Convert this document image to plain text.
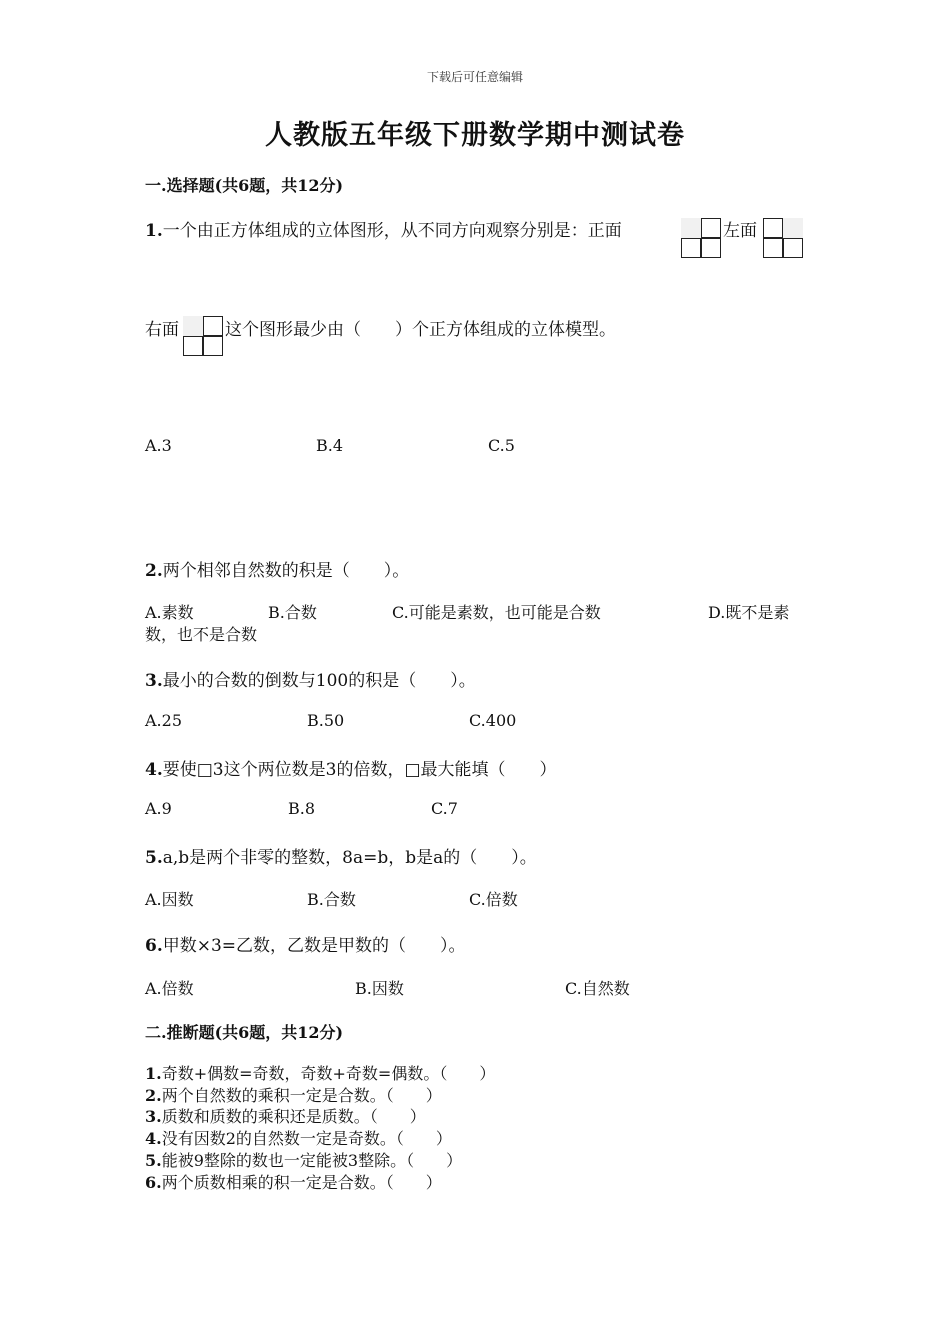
下载后可任意编辑
人教版五年级下册数学期中测试卷
一.选择题(共6题，共12分)
1.一个由正方体组成的立体图形，从不同方向观察分别是：正面	左面
右面	这个图形最少由（　　）个正方体组成的立体模型。
A.3	B.4	C.5
2.两个相邻自然数的积是（　　）。
A.素数	B.合数	C.可能是素数，也可能是合数	D.既不是素
数，也不是合数
3.最小的合数的倒数与100的积是（　　）。
A.25	B.50	C.400
4.要使□3这个两位数是3的倍数，□最大能填（　　）
A.9	B.8	C.7
5.a,b是两个非零的整数，8a=b，b是a的（　　）。
A.因数	B.合数	C.倍数
6.甲数×3=乙数，乙数是甲数的（　　）。
A.倍数	B.因数	C.自然数
二.推断题(共6题，共12分)
1.奇数+偶数=奇数，奇数+奇数=偶数。（　　）
2.两个自然数的乘积一定是合数。（　　）
3.质数和质数的乘积还是质数。（　　）
4.没有因数2的自然数一定是奇数。（　　）
5.能被9整除的数也一定能被3整除。（　　）
6.两个质数相乘的积一定是合数。（　　）
